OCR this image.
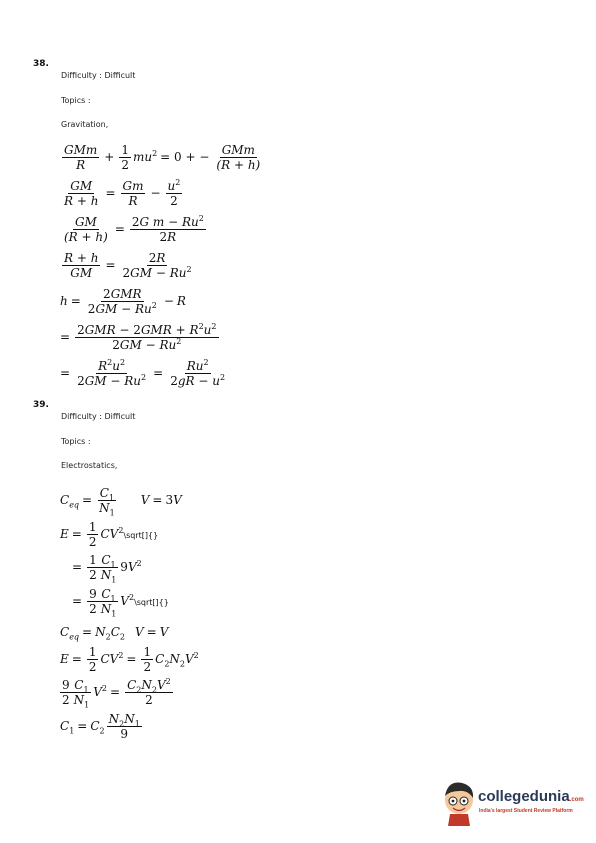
38.
Difficulty : Difficult
Topics :
Gravitation,
$\frac{\text{GMm}}{R} + \frac{1}{2} mu^2 = 0$ + − $\frac{\text{GMm}}{(R + h)}$
$\frac{GM}{R + h} = \frac{Gm}{R} - \frac{u^2}{2}$
$\frac{GM}{(R + h)} = \frac{2G m - Ru^2}{2R}$
$\frac{R + h}{GM} = \frac{2R}{2GM - Ru^2}$
$h = \frac{\text{2GMR}}{2GM - Ru^2} - R$
= $\frac{2GMR - 2GMR + R^2u^2}{2GM - Ru^2}$
= $\frac{R^2u^2}{2GM - Ru^2} = \frac{Ru^2}{2gR - u^2}$
39.
Difficulty : Difficult
Topics :
Electrostatics,
$C_{eq} = \frac{C_1}{N_1}$ V = 3V
$E = \frac{1}{2}$ $CV^2\backslash sqrt[]\{\}$
= $\frac{1}{2} \frac{C_1}{N_1} 9V^2$
= $\frac{9}{2} \frac{C_1}{N_1}$ $V^2\backslash sqrt[]\{\}$
$C_{eq} = N_2C_2$ V = V
$E = \frac{1}{2} CV^2 = \frac{1}{2} C_2N_2V^2$
$\frac{9}{2} \frac{C_1}{N_1} V^2 = \frac{C_2N_2V^2}{2}$
$C_1 = C_2 \frac{N_2N_1}{9}$
collegedunia.com
India's largest Student Review Platform
